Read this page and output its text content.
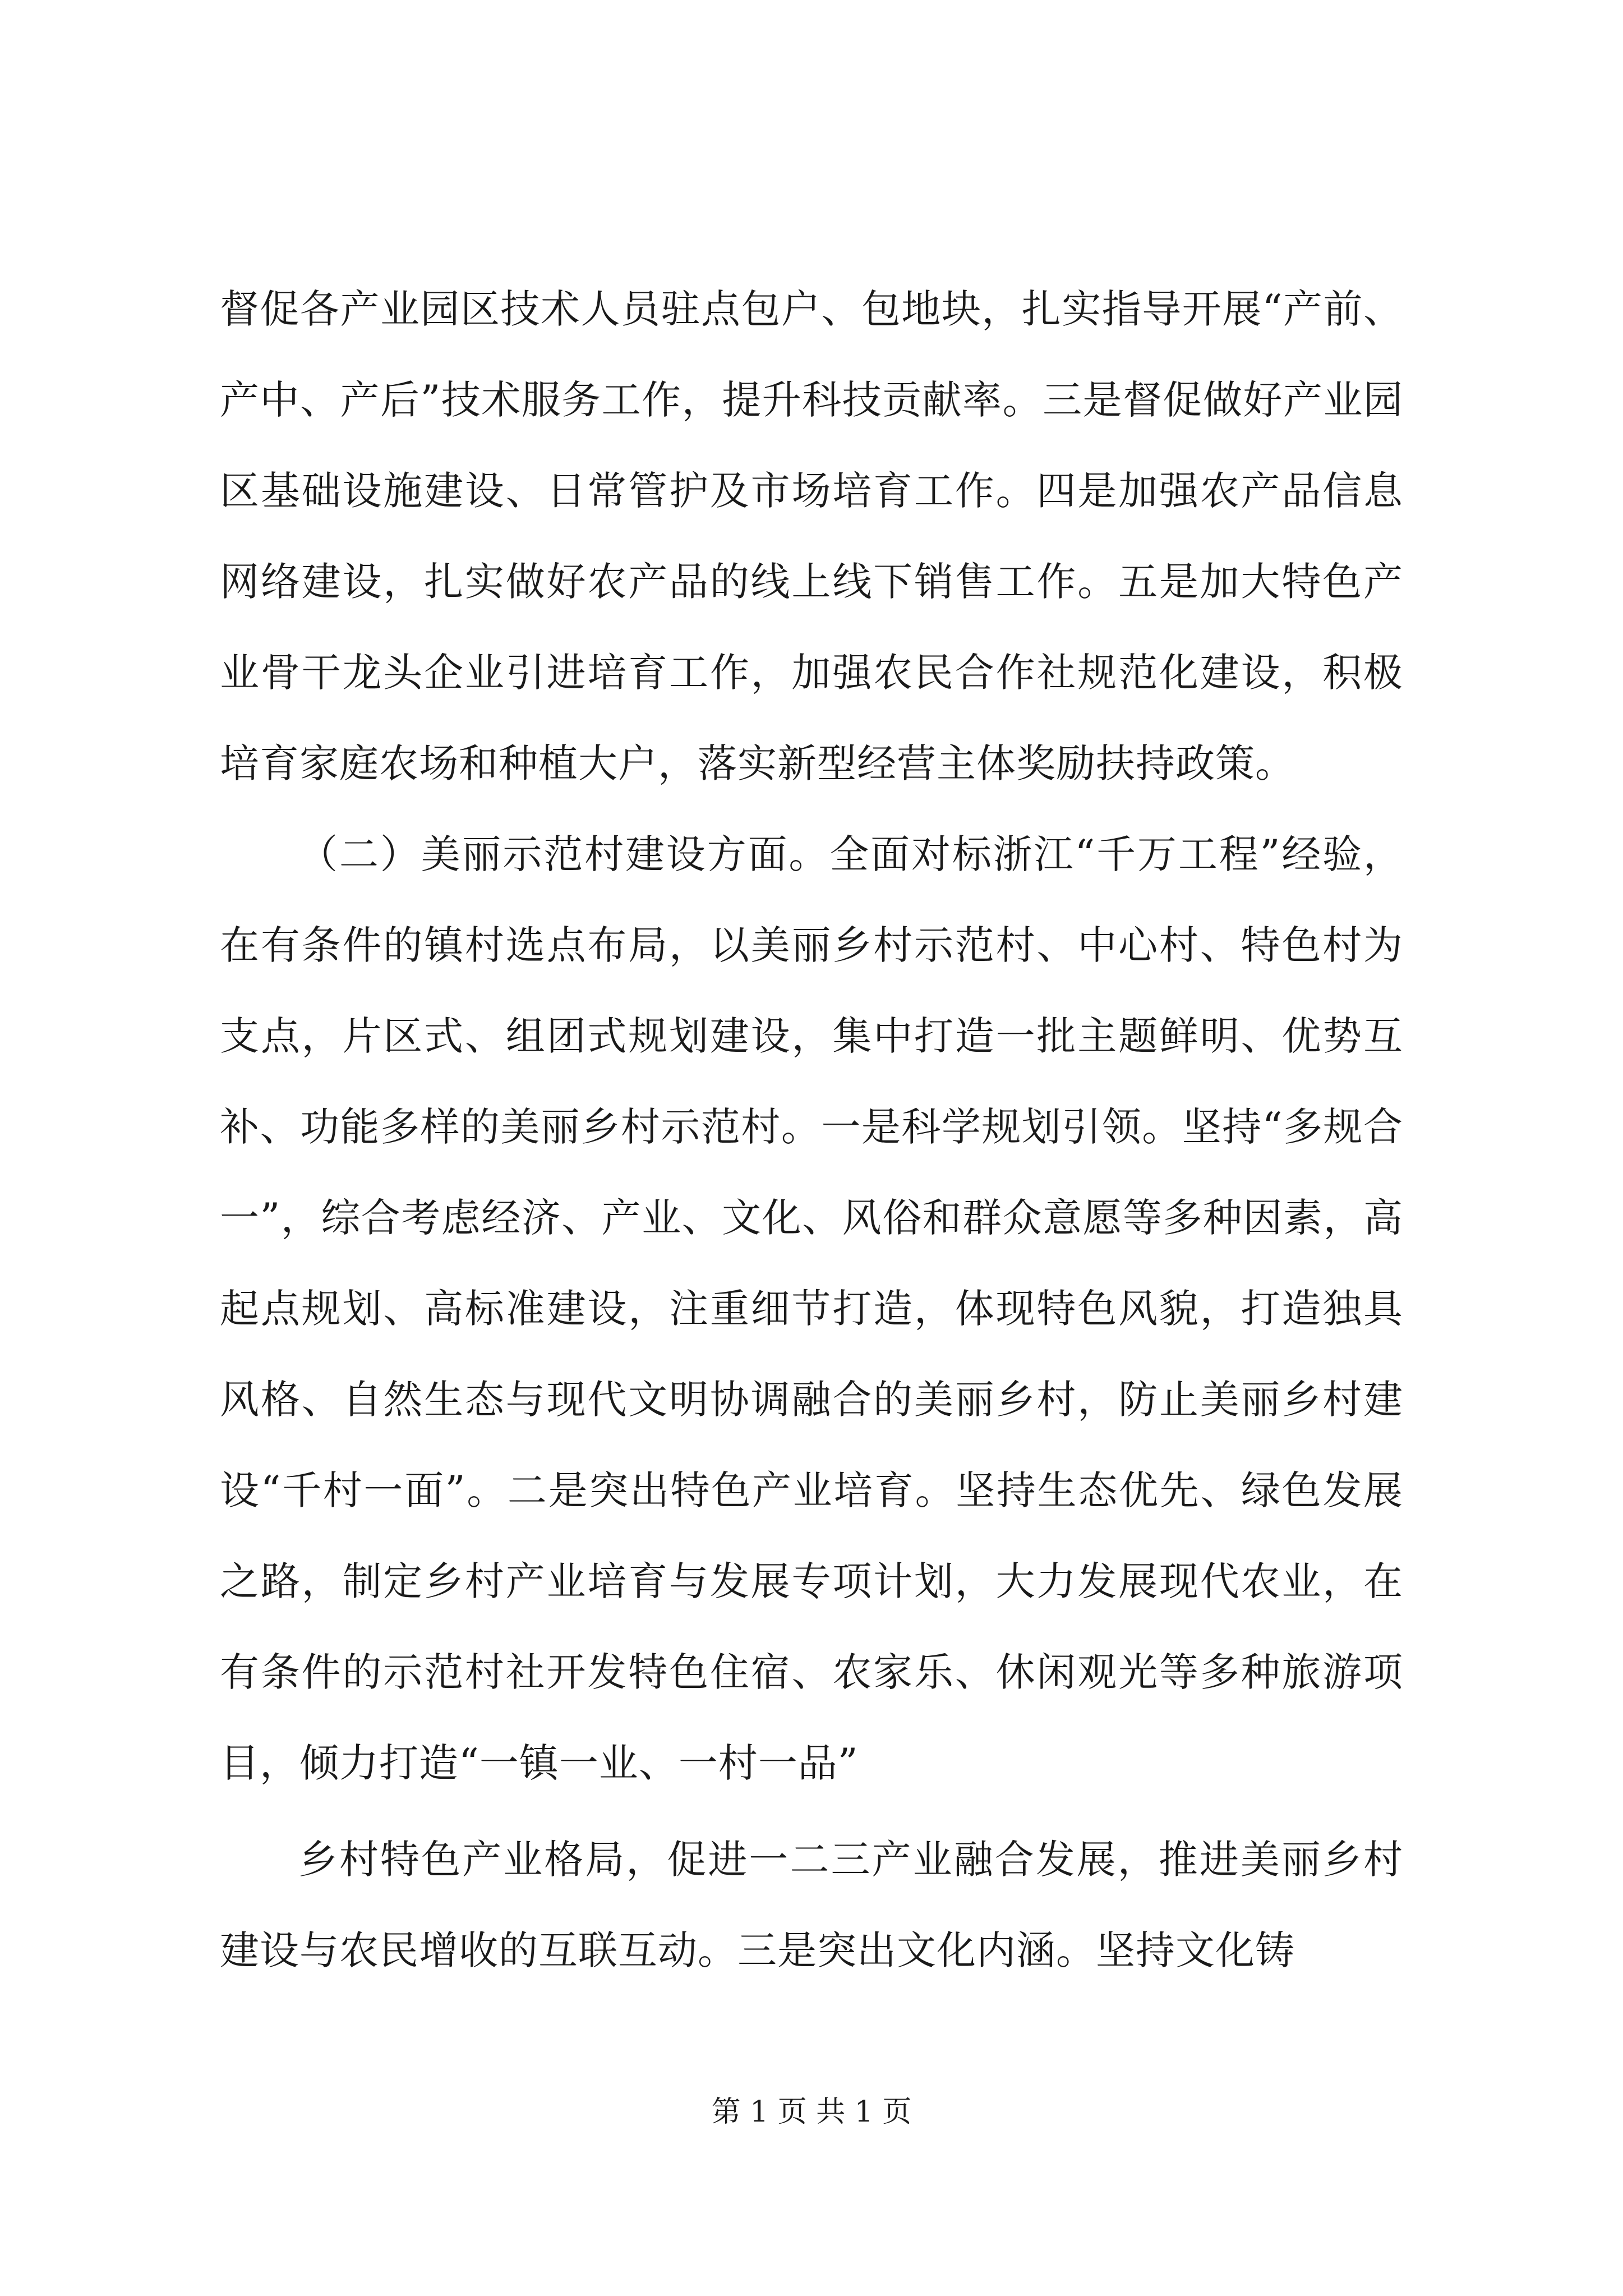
督促各产业园区技术人员驻点包户、包地块，扎实指导开展“产前、产中、产后”技术服务工作，提升科技贡献率。三是督促做好产业园区基础设施建设、日常管护及市场培育工作。四是加强农产品信息网络建设，扎实做好农产品的线上线下销售工作。五是加大特色产业骨干龙头企业引进培育工作，加强农民合作社规范化建设，积极培育家庭农场和种植大户，落实新型经营主体奖励扶持政策。

（二）美丽示范村建设方面。全面对标浙江“千万工程”经验，在有条件的镇村选点布局，以美丽乡村示范村、中心村、特色村为支点，片区式、组团式规划建设，集中打造一批主题鲜明、优势互补、功能多样的美丽乡村示范村。一是科学规划引领。坚持“多规合一”，综合考虑经济、产业、文化、风俗和群众意愿等多种因素，高起点规划、高标准建设，注重细节打造，体现特色风貌，打造独具风格、自然生态与现代文明协调融合的美丽乡村，防止美丽乡村建设“千村一面”。二是突出特色产业培育。坚持生态优先、绿色发展之路，制定乡村产业培育与发展专项计划，大力发展现代农业，在有条件的示范村社开发特色住宿、农家乐、休闲观光等多种旅游项目，倾力打造“一镇一业、一村一品”

乡村特色产业格局，促进一二三产业融合发展，推进美丽乡村建设与农民增收的互联互动。三是突出文化内涵。坚持文化铸

第 1 页 共 1 页
